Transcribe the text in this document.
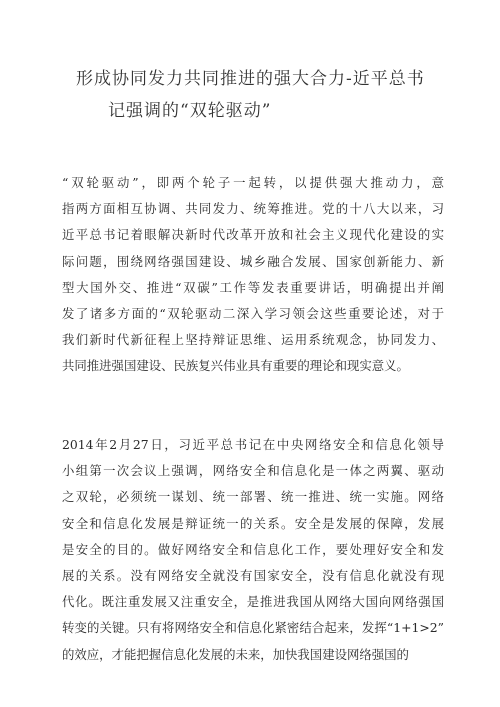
形成协同发力共同推进的强大合力-近平总书
记强调的“双轮驱动”
“双轮驱动”，即两个轮子一起转，以提供强大推动力，意
指两方面相互协调、共同发力、统筹推进。党的十八大以来，习
近平总书记着眼解决新时代改革开放和社会主义现代化建设的实
际问题，围绕网络强国建设、城乡融合发展、国家创新能力、新
型大国外交、推进“双碳”工作等发表重要讲话，明确提出并阐
发了诸多方面的“双轮驱动二深入学习领会这些重要论述，对于
我们新时代新征程上坚持辩证思维、运用系统观念，协同发力、
共同推进强国建设、民族复兴伟业具有重要的理论和现实意义。
2014年2月27日，习近平总书记在中央网络安全和信息化领导
小组第一次会议上强调，网络安全和信息化是一体之两翼、驱动
之双轮，必须统一谋划、统一部署、统一推进、统一实施。网络
安全和信息化发展是辩证统一的关系。安全是发展的保障，发展
是安全的目的。做好网络安全和信息化工作，要处理好安全和发
展的关系。没有网络安全就没有国家安全，没有信息化就没有现
代化。既注重发展又注重安全，是推进我国从网络大国向网络强国
转变的关键。只有将网络安全和信息化紧密结合起来，发挥“1+1>2”
的效应，才能把握信息化发展的未来，加快我国建设网络强国的
